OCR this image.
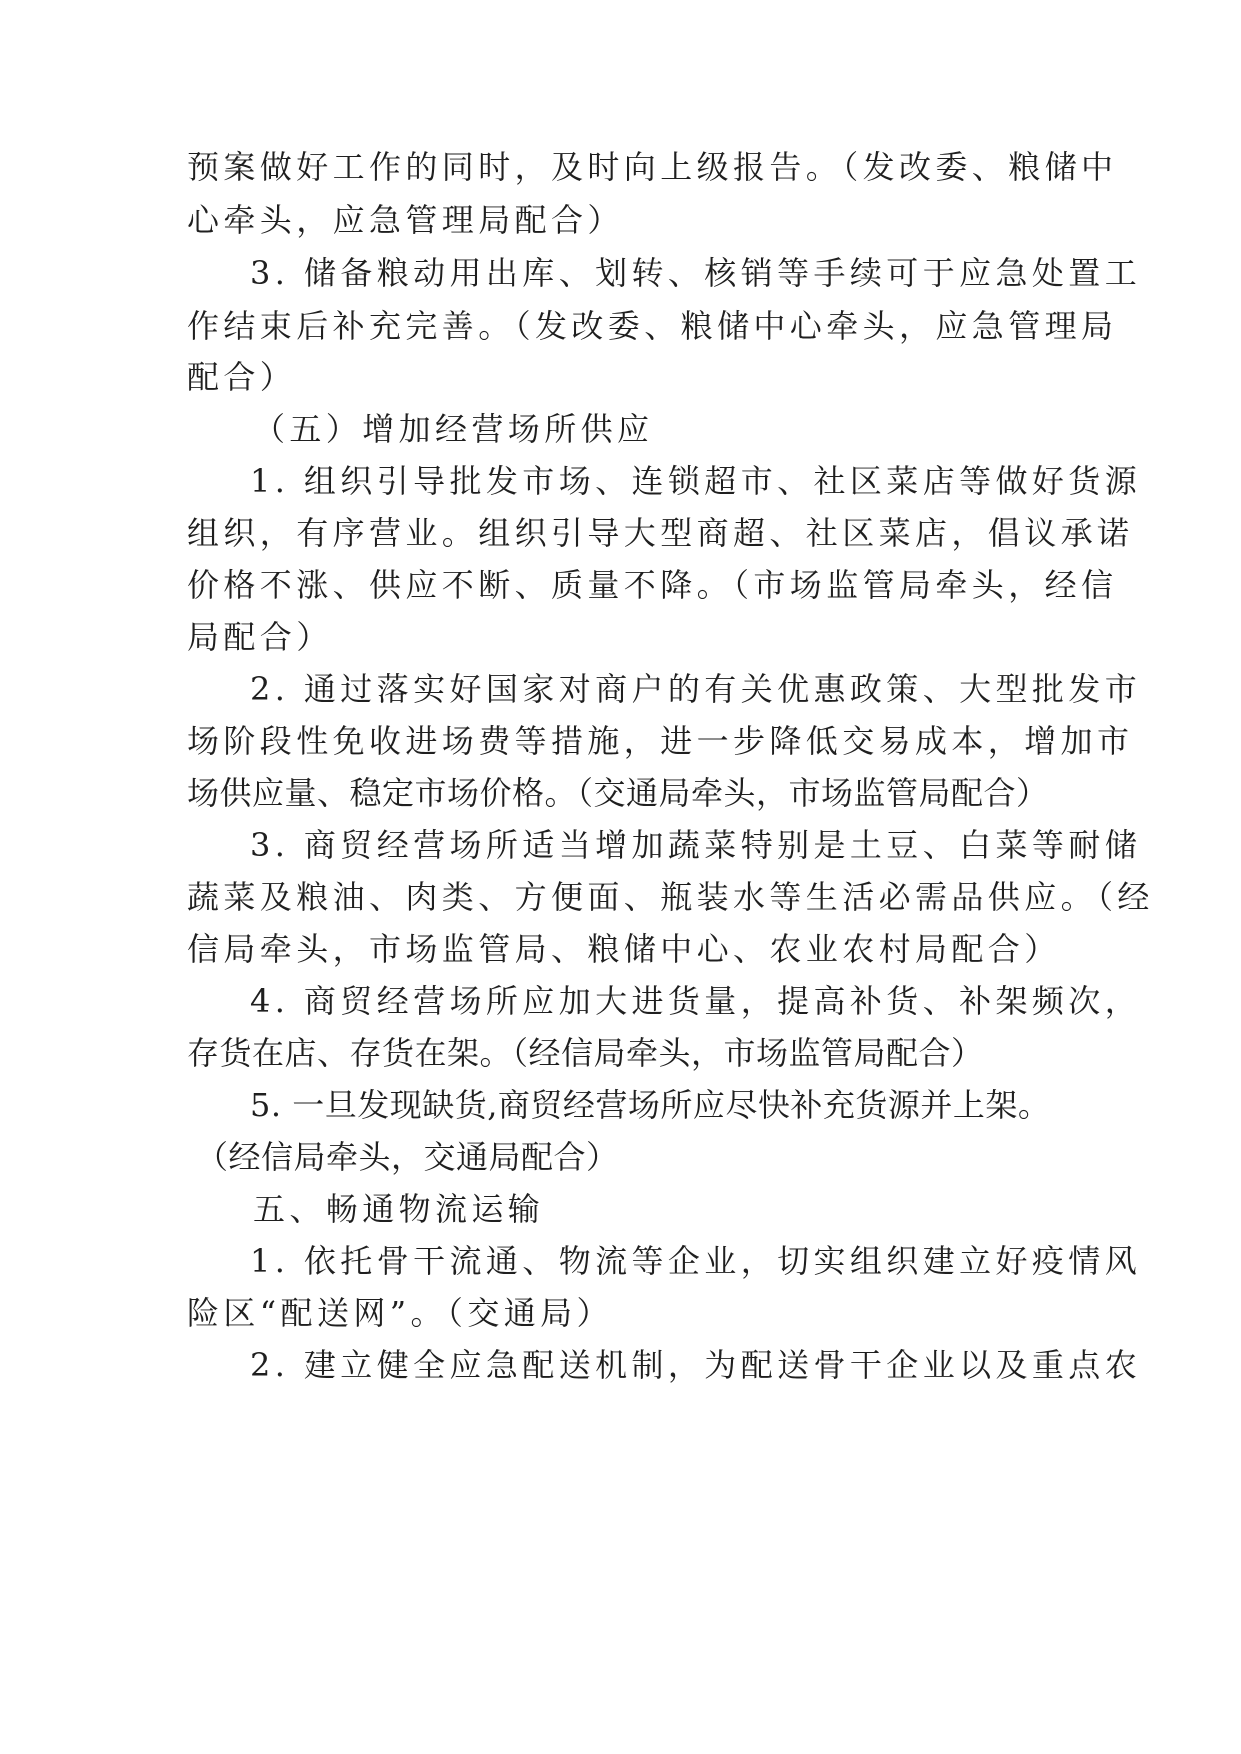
预案做好工作的同时，及时向上级报告。（发改委、粮储中
心牵头，应急管理局配合）
3. 储备粮动用出库、划转、核销等手续可于应急处置工
作结束后补充完善。（发改委、粮储中心牵头，应急管理局
配合）
（五）增加经营场所供应
1. 组织引导批发市场、连锁超市、社区菜店等做好货源
组织，有序营业。组织引导大型商超、社区菜店，倡议承诺
价格不涨、供应不断、质量不降。（市场监管局牵头，经信
局配合）
2. 通过落实好国家对商户的有关优惠政策、大型批发市
场阶段性免收进场费等措施，进一步降低交易成本，增加市
场供应量、稳定市场价格。（交通局牵头，市场监管局配合）
3. 商贸经营场所适当增加蔬菜特别是土豆、白菜等耐储
蔬菜及粮油、肉类、方便面、瓶装水等生活必需品供应。（经
信局牵头，市场监管局、粮储中心、农业农村局配合）
4. 商贸经营场所应加大进货量，提高补货、补架频次，
存货在店、存货在架。（经信局牵头，市场监管局配合）
5. 一旦发现缺货,商贸经营场所应尽快补充货源并上架。
（经信局牵头，交通局配合）
五、畅通物流运输
1. 依托骨干流通、物流等企业，切实组织建立好疫情风
险区“配送网”。（交通局）
2. 建立健全应急配送机制，为配送骨干企业以及重点农
